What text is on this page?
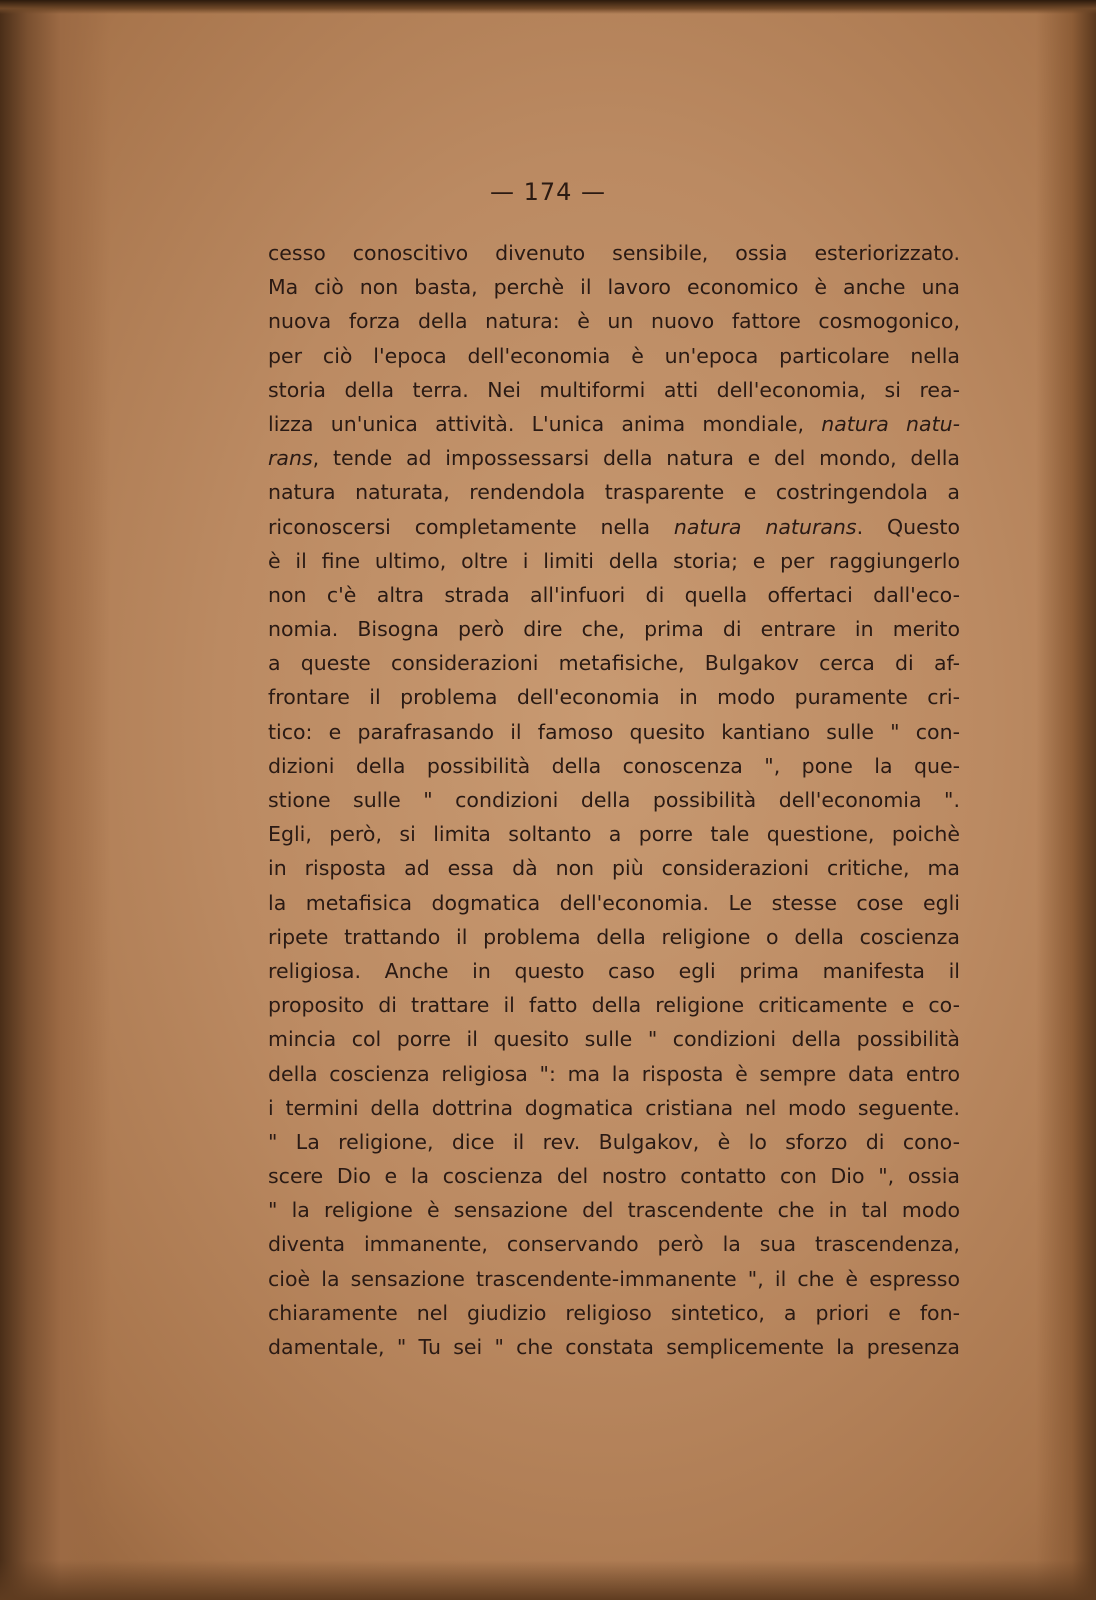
— 174 —
cesso conoscitivo divenuto sensibile, ossia esteriorizzato.
Ma ciò non basta, perchè il lavoro economico è anche una
nuova forza della natura: è un nuovo fattore cosmogonico,
per ciò l'epoca dell'economia è un'epoca particolare nella
storia della terra. Nei multiformi atti dell'economia, si rea-
lizza un'unica attività. L'unica anima mondiale, natura natu-
rans, tende ad impossessarsi della natura e del mondo, della
natura naturata, rendendola trasparente e costringendola a
riconoscersi completamente nella natura naturans. Questo
è il fine ultimo, oltre i limiti della storia; e per raggiungerlo
non c'è altra strada all'infuori di quella offertaci dall'eco-
nomia. Bisogna però dire che, prima di entrare in merito
a queste considerazioni metafisiche, Bulgakov cerca di af-
frontare il problema dell'economia in modo puramente cri-
tico: e parafrasando il famoso quesito kantiano sulle " con-
dizioni della possibilità della conoscenza ", pone la que-
stione sulle " condizioni della possibilità dell'economia ".
Egli, però, si limita soltanto a porre tale questione, poichè
in risposta ad essa dà non più considerazioni critiche, ma
la metafisica dogmatica dell'economia. Le stesse cose egli
ripete trattando il problema della religione o della coscienza
religiosa. Anche in questo caso egli prima manifesta il
proposito di trattare il fatto della religione criticamente e co-
mincia col porre il quesito sulle " condizioni della possibilità
della coscienza religiosa ": ma la risposta è sempre data entro
i termini della dottrina dogmatica cristiana nel modo seguente.
" La religione, dice il rev. Bulgakov, è lo sforzo di cono-
scere Dio e la coscienza del nostro contatto con Dio ", ossia
" la religione è sensazione del trascendente che in tal modo
diventa immanente, conservando però la sua trascendenza,
cioè la sensazione trascendente-immanente ", il che è espresso
chiaramente nel giudizio religioso sintetico, a priori e fon-
damentale, " Tu sei " che constata semplicemente la presenza
